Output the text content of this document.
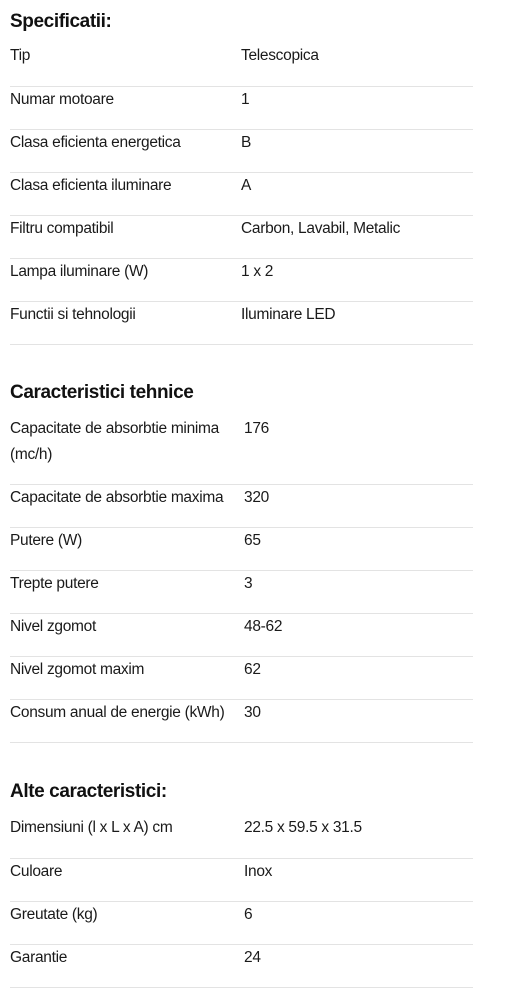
Specificatii:
Tip	Telescopica
Numar motoare	1
Clasa eficienta energetica	B
Clasa eficienta iluminare	A
Filtru compatibil	Carbon, Lavabil, Metalic
Lampa iluminare (W)	1 x 2
Functii si tehnologii	Iluminare LED
Caracteristici tehnice
Capacitate de absorbtie minima (mc/h)	176
Capacitate de absorbtie maxima	320
Putere (W)	65
Trepte putere	3
Nivel zgomot	48-62
Nivel zgomot maxim	62
Consum anual de energie (kWh)	30
Alte caracteristici:
Dimensiuni (l x L x A) cm	22.5 x 59.5 x 31.5
Culoare	Inox
Greutate (kg)	6
Garantie	24
